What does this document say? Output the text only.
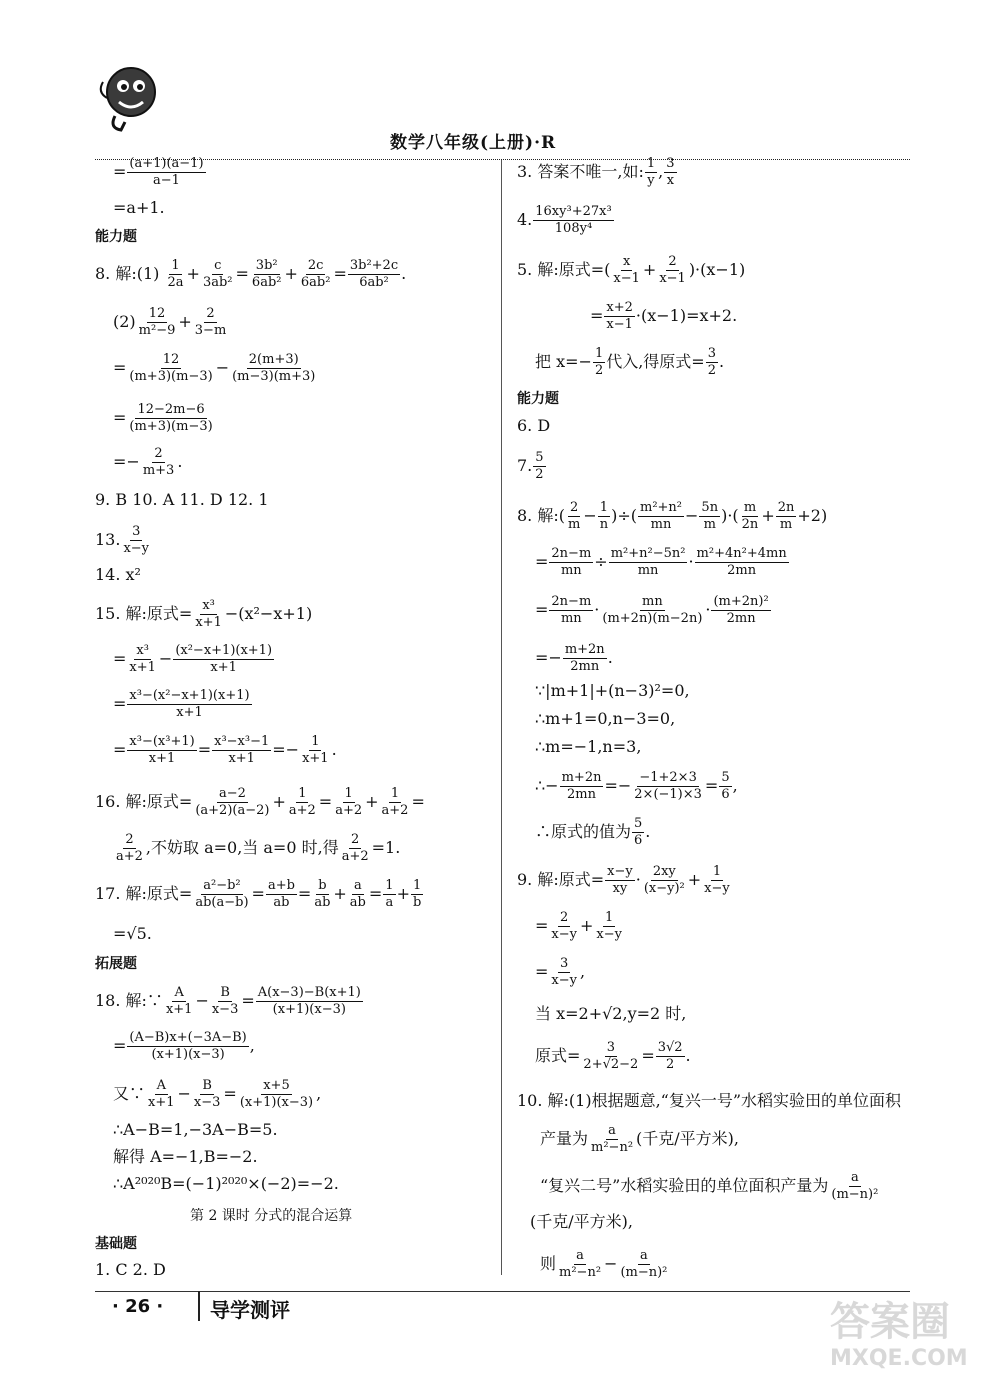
数学八年级(上册)·R
= $\frac{(a+1)(a-1)}{a-1}$
=a+1.
能力题
8. 解:(1) $\frac{1}{2a} + \frac{c}{\text{3ab²}} = \frac{\text{3b²}}{\text{6ab²}} + \frac{2c}{\text{6ab²}} = \frac{\text{3b²+2c}}{\text{6ab²}}$ .
$(2) \frac{12}{\text{m²−9}} + \frac{2}{3-m}$
= $\frac{12}{(m+3)(m-3)} - \frac{2(m+3)}{(m-3)(m+3)}$
= $\frac{12-2m-6}{(m+3)(m-3)}$
=− $\frac{2}{m+3}$ .
9. B 10. A 11. D 12. 1
13. $\frac{3}{x-y}$
14. x²
15. 解:原式= $\frac{\text{x³}}{x+1} -(x^2-x+1)$
= $\frac{\text{x³}}{x+1} - \frac{\text{(x²−x+1)(x+1)}}{x+1}$
= $\frac{\text{x³−(x²−x+1)(x+1)}}{x+1}$
= $\frac{\text{x³−(x³+1)}}{x+1} = \frac{\text{x³−x³−1}}{x+1} =- \frac{1}{x+1}$ .
16. 解:原式= $\frac{a-2}{(a+2)(a-2)} + \frac{1}{a+2} = \frac{1}{a+2} + \frac{1}{a+2}$ =
$\frac{2}{a+2}$ ,不妨取 a=0,当 a=0 时,得 $\frac{2}{a+2} =1$.
17. 解:原式= $\frac{\text{a²−b²}}{ab(a-b)} = \frac{a+b}{ab} = \frac{b}{ab} + \frac{a}{ab} = \frac{1}{a} + \frac{1}{b}$
=√5.
拓展题
18. 解:∵ $\frac{A}{x+1} - \frac{B}{x-3} = \frac{A(x-3)-B(x+1)}{(x+1)(x-3)}$
= $\frac{(A-B)x+(-3A-B)}{(x+1)(x-3)}$ ,
又∵ $\frac{A}{x+1} - \frac{B}{x-3} = \frac{x+5}{(x+1)(x-3)}$ ,
∴A−B=1,−3A−B=5.
解得 A=−1,B=−2.
∴A²⁰²⁰B=(−1)²⁰²⁰×(−2)=−2.
第 2 课时 分式的混合运算
基础题
1. C 2. D
3. 答案不唯一,如: $\frac{1}{y}$ , $\frac{3}{x}$
4. $\frac{\text{16xy³+27x³}}{\text{108y⁴}}$
5. 解:原式=( $\frac{x}{x-1} + \frac{2}{x-1} )\cdot(x-1)$
= $\frac{x+2}{x-1} \cdot(x-1)=x+2$.
把 $x=- \frac{1}{2}$ 代入,得原式= $\frac{3}{2}$ .
能力题
6. D
7. $\frac{5}{2}$
8. 解:( $\frac{2}{m} - \frac{1}{n}$ )÷( $\frac{\text{m²+n²}}{mn} - \frac{5n}{m}$ )·( $\frac{m}{2n} + \frac{2n}{m} +2$)
= $\frac{2n-m}{mn} \div \frac{\text{m²+n²−5n²}}{mn} \cdot \frac{\text{m²+4n²+4mn}}{2mn}$
= $\frac{2n-m}{mn} \cdot \frac{mn}{(m+2n)(m-2n)} \cdot \frac{\text{(m+2n)²}}{2mn}$
=− $\frac{m+2n}{2mn}$ .
∵|m+1|+(n−3)²=0,
∴m+1=0,n−3=0,
∴m=−1,n=3,
∴− $\frac{m+2n}{2mn} =- \frac{-1+2\times 3}{2\times(-1)\times 3} = \frac{5}{6}$ ,
∴原式的值为 $\frac{5}{6}$ .
9. 解:原式= $\frac{x-y}{xy} \cdot \frac{2xy}{\text{(x−y)²}} + \frac{1}{x-y}$
= $\frac{2}{x-y} + \frac{1}{x-y}$
= $\frac{3}{x-y}$ ,
当 x=2+√2,y=2 时,
原式= $\frac{3}{2+√2-2} = \frac{3√2}{2}$ .
10. 解:(1)根据题意,“复兴一号”水稻实验田的单位面积
产量为 $\frac{a}{\text{m²−n²}}$ (千克/平方米),
“复兴二号”水稻实验田的单位面积产量为 $\frac{a}{\text{(m−n)²}}$
(千克/平方米),
则 $\frac{a}{\text{m²−n²}} - \frac{a}{\text{(m−n)²}}$
· 26 · 导学测评	答案圈
MXQE.COM
